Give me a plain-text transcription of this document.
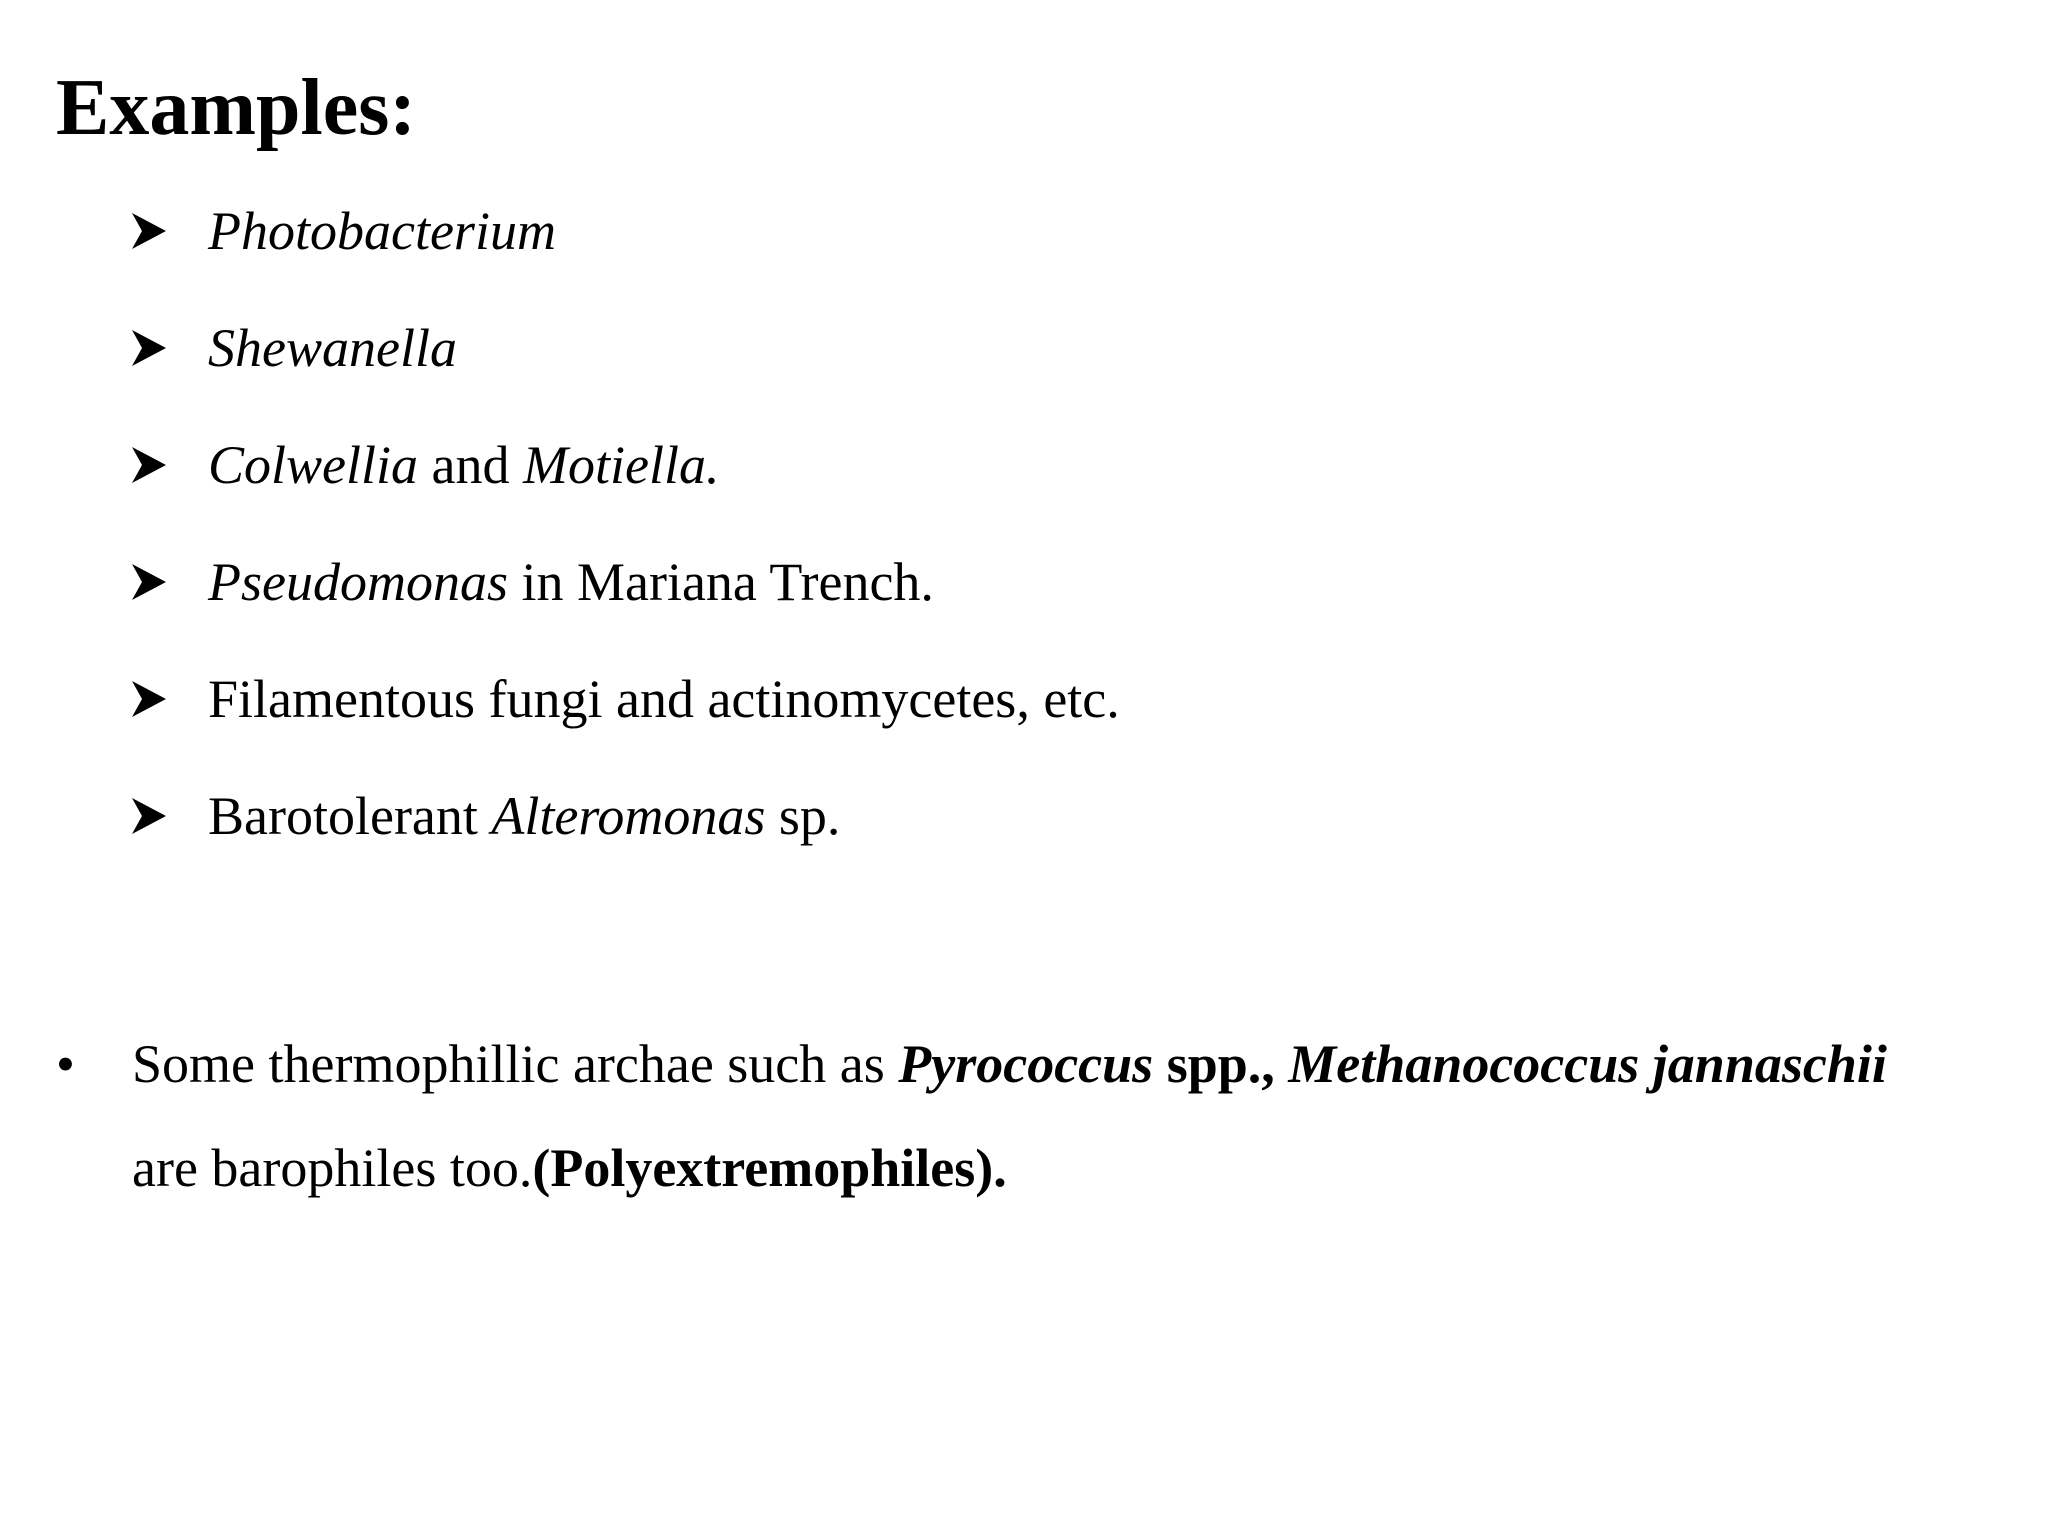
Examples:
Photobacterium
Shewanella
Colwellia and Motiella.
Pseudomonas in Mariana Trench.
Filamentous fungi and actinomycetes, etc.
Barotolerant Alteromonas sp.
•	Some thermophillic archae such as Pyrococcus spp., Methanococcus jannaschii
are barophiles too.(Polyextremophiles).
